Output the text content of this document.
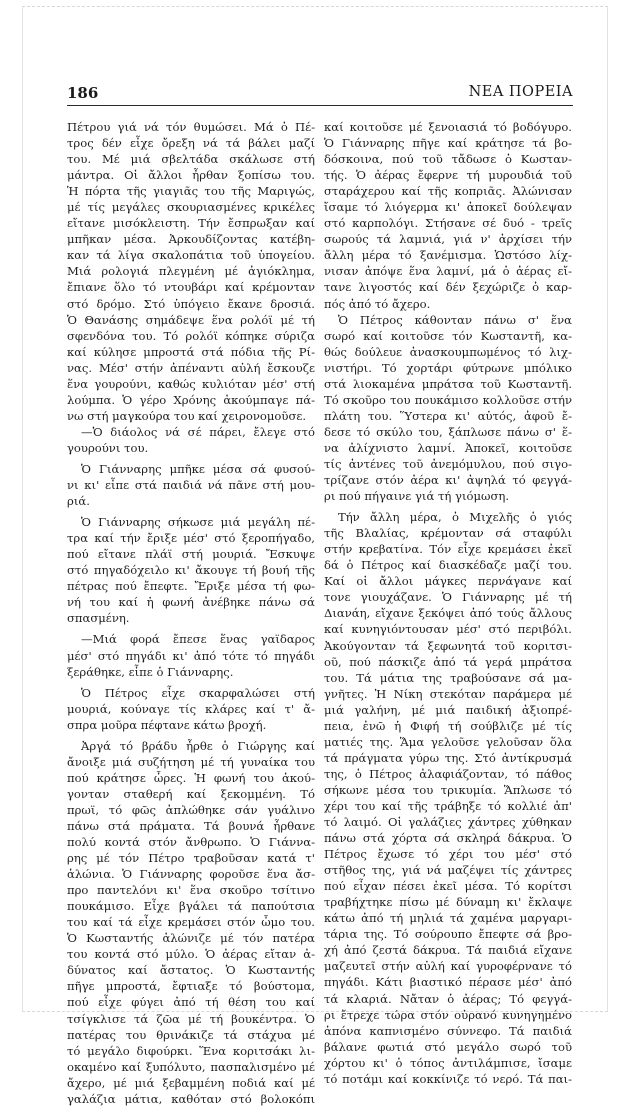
186	ΝΕΑ ΠΟΡΕΙΑ
Πέτρου γιά νά τόν θυμώσει. Μά ὁ Πέ-
τρος δέν εἶχε ὄρεξη νά τά βάλει μαζί
του. Μέ μιά σβελτάδα σκάλωσε στή
μάντρα. Οἱ ἄλλοι ἦρθαν ξοπίσω του.
Ἡ πόρτα τῆς γιαγιᾶς του τῆς Μαριγώς,
μέ τίς μεγάλες σκουριασμένες κρικέλες
εἴτανε μισόκλειστη. Τήν ἔσπρωξαν καί
μπῆκαν μέσα. Ἀρκουδίζοντας κατέβη-
καν τά λίγα σκαλοπάτια τοῦ ὑπογείου.
Μιά ρολογιά πλεγμένη μέ ἀγιόκλημα,
ἔπιανε ὅλο τό ντουβάρι καί κρέμονταν
στό δρόμο. Στό ὑπόγειο ἔκανε δροσιά.
Ὁ Θανάσης σημάδεψε ἕνα ρολόϊ μέ τή
σφενδόνα του. Τό ρολόϊ κόπηκε σύριζα
καί κύλησε μπροστά στά πόδια τῆς Ρί-
νας. Μέσ' στήν ἀπέναντι αὐλή ἔσκουζε
ἕνα γουρούνι, καθώς κυλιόταν μέσ' στή
λούμπα. Ὁ γέρο Χρόνης ἀκούμπαγε πά-
νω στή μαγκούρα του καί χειρονομοῦσε.
—Ὁ διάολος νά σέ πάρει, ἔλεγε στό
γουρούνι του.
Ὁ Γιάνναρης μπῆκε μέσα σά φυσού-
νι κι' εἶπε στά παιδιά νά πᾶνε στή μου-
ριά.
Ὁ Γιάνναρης σήκωσε μιά μεγάλη πέ-
τρα καί τήν ἔριξε μέσ' στό ξεροπήγαδο,
πού εἴτανε πλάϊ στή μουριά. Ἔσκυψε
στό πηγαδόχειλο κι' ἄκουγε τή βουή τῆς
πέτρας πού ἔπεφτε. Ἔριξε μέσα τή φω-
νή του καί ἡ φωνή ἀνέβηκε πάνω σά
σπασμένη.
—Μιά φορά ἔπεσε ἕνας γαϊδαρος
μέσ' στό πηγάδι κι' ἀπό τότε τό πηγάδι
ξεράθηκε, εἶπε ὁ Γιάνναρης.
Ὁ Πέτρος εἶχε σκαρφαλώσει στή
μουριά, κούναγε τίς κλάρες καί τ' ἄ-
σπρα μοῦρα πέφτανε κάτω βροχή.
Ἀργά τό βράδυ ἦρθε ὁ Γιώργης καί
ἄνοιξε μιά συζήτηση μέ τή γυναίκα του
πού κράτησε ὧρες. Ἡ φωνή του ἀκού-
γονταν σταθερή καί ξεκομμένη. Τό
πρωϊ, τό φῶς ἁπλώθηκε σάν γυάλινο
πάνω στά πράματα. Τά βουνά ἦρθανε
πολύ κοντά στόν ἄνθρωπο. Ὁ Γιάννα-
ρης μέ τόν Πέτρο τραβοῦσαν κατά τ'
ἁλώνια. Ὁ Γιάνναρης φοροῦσε ἕνα ἄσ-
προ παντελόνι κι' ἕνα σκοῦρο τσίτινο
πουκάμισο. Εἶχε βγάλει τά παπούτσια
του καί τά εἶχε κρεμάσει στόν ὦμο του.
Ὁ Κωσταντής ἁλώνιζε μέ τόν πατέρα
του κοντά στό μύλο. Ὁ ἀέρας εἴταν ἀ-
δύνατος καί ἄστατος. Ὁ Κωσταντής
πῆγε μπροστά, ἔφτιαξε τό βούστομα,
πού εἶχε φύγει ἀπό τή θέση του καί
τσίγκλισε τά ζῶα μέ τή βουκέντρα. Ὁ
πατέρας του θρινάκιζε τά στάχυα μέ
τό μεγάλο διφούρκι. Ἕνα κοριτσάκι λι-
οκαμένο καί ξυπόλυτο, πασπαλισμένο μέ
ἄχερο, μέ μιά ξεβαμμένη ποδιά καί μέ
γαλάζια μάτια, καθόταν στό βολοκόπι
καί κοιτοῦσε μέ ξενοιασιά τό βοδόγυρο.
Ὁ Γιάνναρης πῆγε καί κράτησε τά βο-
δόσκοινα, πού τοῦ τἄδωσε ὁ Κωσταν-
τής. Ὁ ἀέρας ἔφερνε τή μυρουδιά τοῦ
σταράχερου καί τῆς κοπριᾶς. Ἀλώνισαν
ἴσαμε τό λιόγερμα κι' ἀποκεῖ δούλεψαν
στό καρπολόγι. Στήσανε σέ δυό - τρεῖς
σωρούς τά λαμνιά, γιά ν' ἀρχίσει τήν
ἄλλη μέρα τό ξανέμισμα. Ὡστόσο λίχ-
νισαν ἀπόψε ἕνα λαμνί, μά ὁ ἀέρας εἴ-
τανε λιγοστός καί δέν ξεχώριζε ὁ καρ-
πός ἀπό τό ἄχερο.
Ὁ Πέτρος κάθονταν πάνω σ' ἕνα
σωρό καί κοιτοῦσε τόν Κωσταντῆ, κα-
θώς δούλευε ἀνασκουμπωμένος τό λιχ-
νιστήρι. Τό χορτάρι φύτρωνε μπόλικο
στά λιοκαμένα μπράτσα τοῦ Κωσταντῆ.
Τό σκοῦρο του πουκάμισο κολλοῦσε στήν
πλάτη του. Ὕστερα κι' αὐτός, ἀφοῦ ἔ-
δεσε τό σκύλο του, ξάπλωσε πάνω σ' ἕ-
να ἀλίχνιστο λαμνί. Ἀποκεῖ, κοιτοῦσε
τίς ἀντένες τοῦ ἀνεμόμυλου, πού σιγο-
τρίζανε στόν ἀέρα κι' ἀψηλά τό φεγγά-
ρι πού πήγαινε γιά τή γιόμωση.
Τήν ἄλλη μέρα, ὁ Μιχελῆς ὁ γιός
τῆς Βλαλίας, κρέμονταν σά σταφύλι
στήν κρεβατίνα. Τόν εἶχε κρεμάσει ἐκεῖ
δά ὁ Πέτρος καί διασκέδαζε μαζί του.
Καί οἱ ἄλλοι μάγκες περνάγανε καί
τονε γιουχάζανε. Ὁ Γιάνναρης μέ τή
Διανάη, εἴχανε ξεκόψει ἀπό τούς ἄλλους
καί κυνηγιόντουσαν μέσ' στό περιβόλι.
Ἀκούγονταν τά ξεφωνητά τοῦ κοριτσι-
οῦ, πού πάσκιζε ἀπό τά γερά μπράτσα
του. Τά μάτια της τραβούσανε σά μα-
γνῆτες. Ἡ Νίκη στεκόταν παράμερα μέ
μιά γαλήνη, μέ μιά παιδική ἀξιοπρέ-
πεια, ἐνῶ ἡ Φιφή τή σούβλιζε μέ τίς
ματιές της. Ἅμα γελοῦσε γελοῦσαν ὅλα
τά πράγματα γύρω της. Στό ἀντίκρυσμά
της, ὁ Πέτρος ἀλαφιάζονταν, τό πάθος
σήκωνε μέσα του τρικυμία. Ἅπλωσε τό
χέρι του καί τῆς τράβηξε τό κολλιέ ἀπ'
τό λαιμό. Οἱ γαλάζιες χάντρες χύθηκαν
πάνω στά χόρτα σά σκληρά δάκρυα. Ὁ
Πέτρος ἔχωσε τό χέρι του μέσ' στό
στῆθος της, γιά νά μαζέψει τίς χάντρες
πού εἶχαν πέσει ἐκεῖ μέσα. Τό κορίτσι
τραβήχτηκε πίσω μέ δύναμη κι' ἔκλαψε
κάτω ἀπό τή μηλιά τά χαμένα μαργαρι-
τάρια της. Τό σούρουπο ἔπεφτε σά βρο-
χή ἀπό ζεστά δάκρυα. Τά παιδιά εἴχανε
μαζευτεῖ στήν αὐλή καί γυροφέρνανε τό
πηγάδι. Κάτι βιαστικό πέρασε μέσ' ἀπό
τά κλαριά. Νἄταν ὁ ἀέρας; Τό φεγγά-
ρι ἔτρεχε τώρα στόν οὐρανό κυνηγημένο
ἀπόνα καπνισμένο σύννεφο. Τά παιδιά
βάλανε φωτιά στό μεγάλο σωρό τοῦ
χόρτου κι' ὁ τόπος ἀντιλάμπισε, ἴσαμε
τό ποτάμι καί κοκκίνιζε τό νερό. Τά παι-
